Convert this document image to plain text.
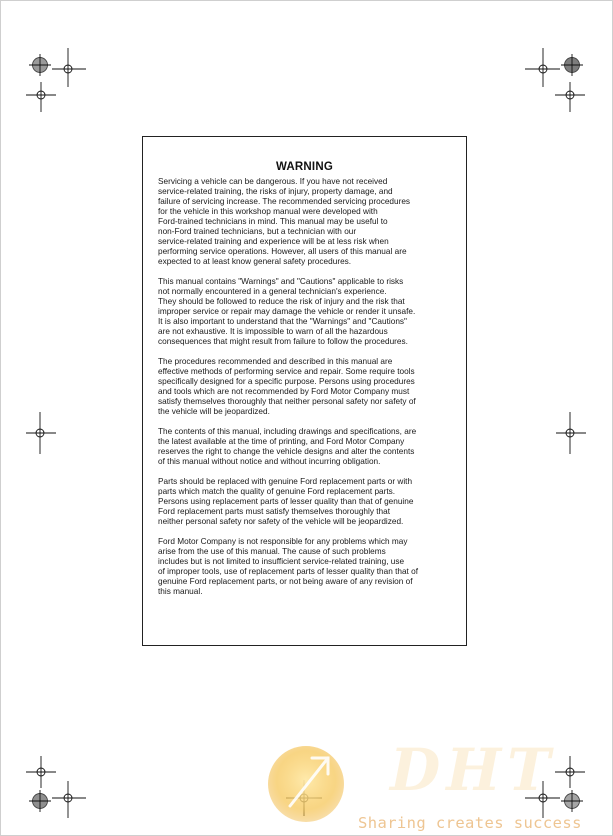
WARNING

Servicing a vehicle can be dangerous. If you have not received
service-related training, the risks of injury, property damage, and
failure of servicing increase. The recommended servicing procedures
for the vehicle in this workshop manual were developed with
Ford-trained technicians in mind. This manual may be useful to
non-Ford trained technicians, but a technician with our
service-related training and experience will be at less risk when
performing service operations. However, all users of this manual are
expected to at least know general safety procedures.

This manual contains "Warnings" and "Cautions" applicable to risks
not normally encountered in a general technician's experience.
They should be followed to reduce the risk of injury and the risk that
improper service or repair may damage the vehicle or render it unsafe.
It is also important to understand that the "Warnings" and "Cautions"
are not exhaustive. It is impossible to warn of all the hazardous
consequences that might result from failure to follow the procedures.

The procedures recommended and described in this manual are
effective methods of performing service and repair. Some require tools
specifically designed for a specific purpose. Persons using procedures
and tools which are not recommended by Ford Motor Company must
satisfy themselves thoroughly that neither personal safety nor safety of
the vehicle will be jeopardized.

The contents of this manual, including drawings and specifications, are
the latest available at the time of printing, and Ford Motor Company
reserves the right to change the vehicle designs and alter the contents
of this manual without notice and without incurring obligation.

Parts should be replaced with genuine Ford replacement parts or with
parts which match the quality of genuine Ford replacement parts.
Persons using replacement parts of lesser quality than that of genuine
Ford replacement parts must satisfy themselves thoroughly that
neither personal safety nor safety of the vehicle will be jeopardized.

Ford Motor Company is not responsible for any problems which may
arise from the use of this manual. The cause of such problems
includes but is not limited to insufficient service-related training, use
of improper tools, use of replacement parts of lesser quality than that of
genuine Ford replacement parts, or not being aware of any revision of
this manual.

DHT
Sharing creates success
